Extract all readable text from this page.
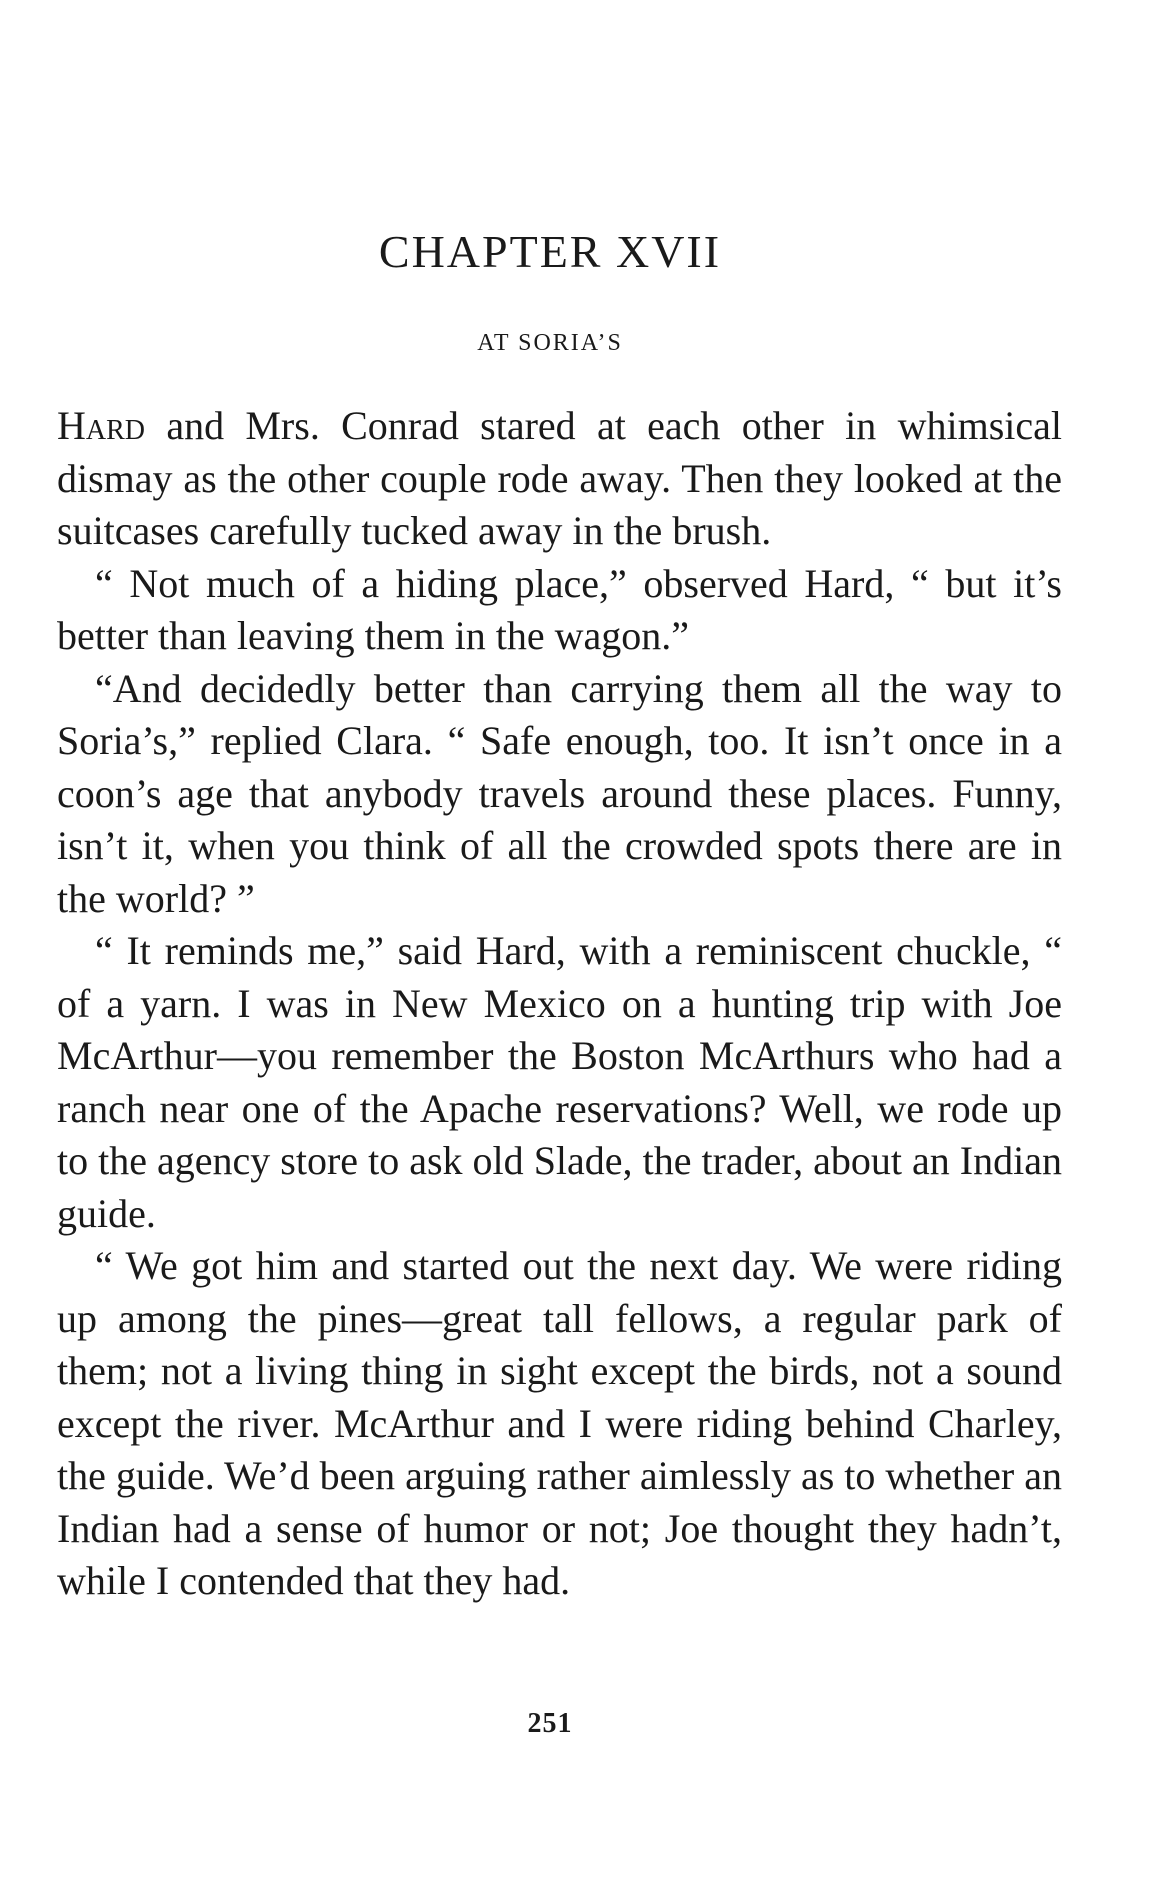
CHAPTER XVII
AT SORIA’S

Hard and Mrs. Conrad stared at each other in whimsical dismay as the other couple rode away. Then they looked at the suitcases carefully tucked away in the brush.

“ Not much of a hiding place,” observed Hard, “ but it’s better than leaving them in the wagon.”

“And decidedly better than carrying them all the way to Soria’s,” replied Clara. “ Safe enough, too. It isn’t once in a coon’s age that anybody travels around these places. Funny, isn’t it, when you think of all the crowded spots there are in the world? ”

“ It reminds me,” said Hard, with a reminiscent chuckle, “ of a yarn. I was in New Mexico on a hunting trip with Joe McArthur—you remember the Boston McArthurs who had a ranch near one of the Apache reservations? Well, we rode up to the agency store to ask old Slade, the trader, about an Indian guide.

“ We got him and started out the next day. We were riding up among the pines—great tall fellows, a regular park of them; not a living thing in sight except the birds, not a sound except the river. McArthur and I were riding behind Charley, the guide. We’d been arguing rather aimlessly as to whether an Indian had a sense of humor or not; Joe thought they hadn’t, while I contended that they had.

251
